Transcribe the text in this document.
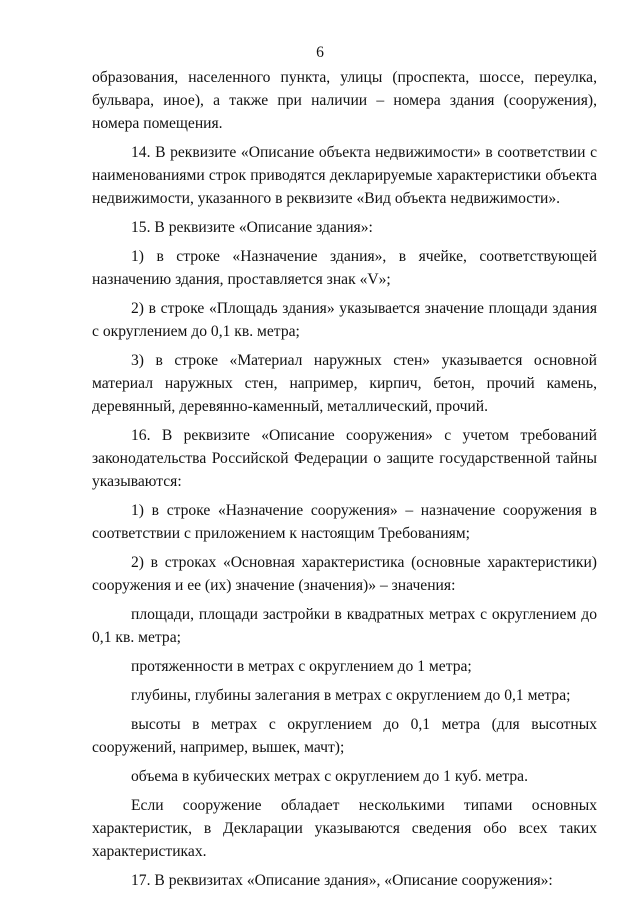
6

образования, населенного пункта, улицы (проспекта, шоссе, переулка, бульвара, иное), а также при наличии – номера здания (сооружения), номера помещения.

14. В реквизите «Описание объекта недвижимости» в соответствии с наименованиями строк приводятся декларируемые характеристики объекта недвижимости, указанного в реквизите «Вид объекта недвижимости».

15. В реквизите «Описание здания»:

1) в строке «Назначение здания», в ячейке, соответствующей назначению здания, проставляется знак «V»;

2) в строке «Площадь здания» указывается значение площади здания с округлением до 0,1 кв. метра;

3) в строке «Материал наружных стен» указывается основной материал наружных стен, например, кирпич, бетон, прочий камень, деревянный, деревянно-каменный, металлический, прочий.

16. В реквизите «Описание сооружения» с учетом требований законодательства Российской Федерации о защите государственной тайны указываются:

1) в строке «Назначение сооружения» – назначение сооружения в соответствии с приложением к настоящим Требованиям;

2) в строках «Основная характеристика (основные характеристики) сооружения и ее (их) значение (значения)» – значения:

площади, площади застройки в квадратных метрах с округлением до 0,1 кв. метра;

протяженности в метрах с округлением до 1 метра;

глубины, глубины залегания в метрах с округлением до 0,1 метра;

высоты в метрах с округлением до 0,1 метра (для высотных сооружений, например, вышек, мачт);

объема в кубических метрах с округлением до 1 куб. метра.

Если сооружение обладает несколькими типами основных характеристик, в Декларации указываются сведения обо всех таких характеристиках.

17. В реквизитах «Описание здания», «Описание сооружения»:
